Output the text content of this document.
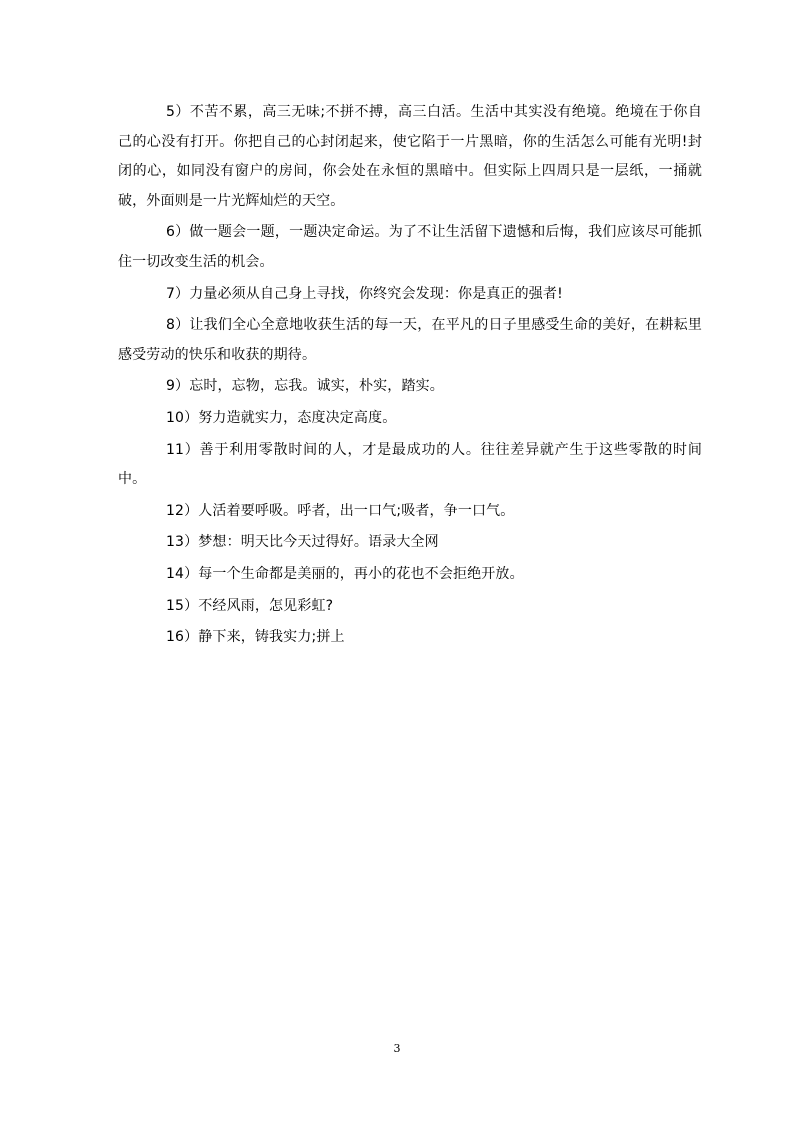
5）不苦不累，高三无味;不拼不搏，高三白活。生活中其实没有绝境。绝境在于你自己的心没有打开。你把自己的心封闭起来，使它陷于一片黑暗，你的生活怎么可能有光明!封闭的心，如同没有窗户的房间，你会处在永恒的黑暗中。但实际上四周只是一层纸，一捅就破，外面则是一片光辉灿烂的天空。

6）做一题会一题，一题决定命运。为了不让生活留下遗憾和后悔，我们应该尽可能抓住一切改变生活的机会。

7）力量必须从自己身上寻找，你终究会发现：你是真正的强者!

8）让我们全心全意地收获生活的每一天，在平凡的日子里感受生命的美好，在耕耘里感受劳动的快乐和收获的期待。

9）忘时，忘物，忘我。诚实，朴实，踏实。

10）努力造就实力，态度决定高度。

11）善于利用零散时间的人，才是最成功的人。往往差异就产生于这些零散的时间中。

12）人活着要呼吸。呼者，出一口气;吸者，争一口气。

13）梦想：明天比今天过得好。语录大全网

14）每一个生命都是美丽的，再小的花也不会拒绝开放。

15）不经风雨，怎见彩虹?

16）静下来，铸我实力;拼上

3
